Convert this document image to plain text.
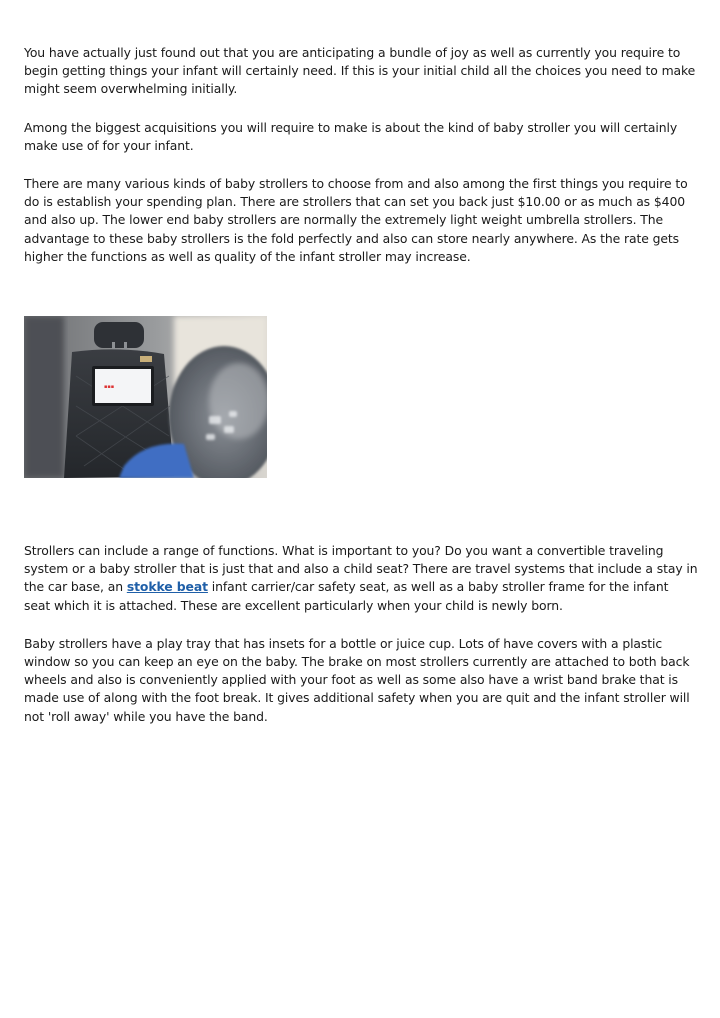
You have actually just found out that you are anticipating a bundle of joy as well as currently you require to begin getting things your infant will certainly need. If this is your initial child all the choices you need to make might seem overwhelming initially.

Among the biggest acquisitions you will require to make is about the kind of baby stroller you will certainly make use of for your infant.

There are many various kinds of baby strollers to choose from and also among the first things you require to do is establish your spending plan. There are strollers that can set you back just $10.00 or as much as $400 and also up. The lower end baby strollers are normally the extremely light weight umbrella strollers. The advantage to these baby strollers is the fold perfectly and also can store nearly anywhere. As the rate gets higher the functions as well as quality of the infant stroller may increase.

▪▪▪

Strollers can include a range of functions. What is important to you? Do you want a convertible traveling system or a baby stroller that is just that and also a child seat? There are travel systems that include a stay in the car base, an stokke beat infant carrier/car safety seat, as well as a baby stroller frame for the infant seat which it is attached. These are excellent particularly when your child is newly born.

Baby strollers have a play tray that has insets for a bottle or juice cup. Lots of have covers with a plastic window so you can keep an eye on the baby. The brake on most strollers currently are attached to both back wheels and also is conveniently applied with your foot as well as some also have a wrist band brake that is made use of along with the foot break. It gives additional safety when you are quit and the infant stroller will not 'roll away' while you have the band.
